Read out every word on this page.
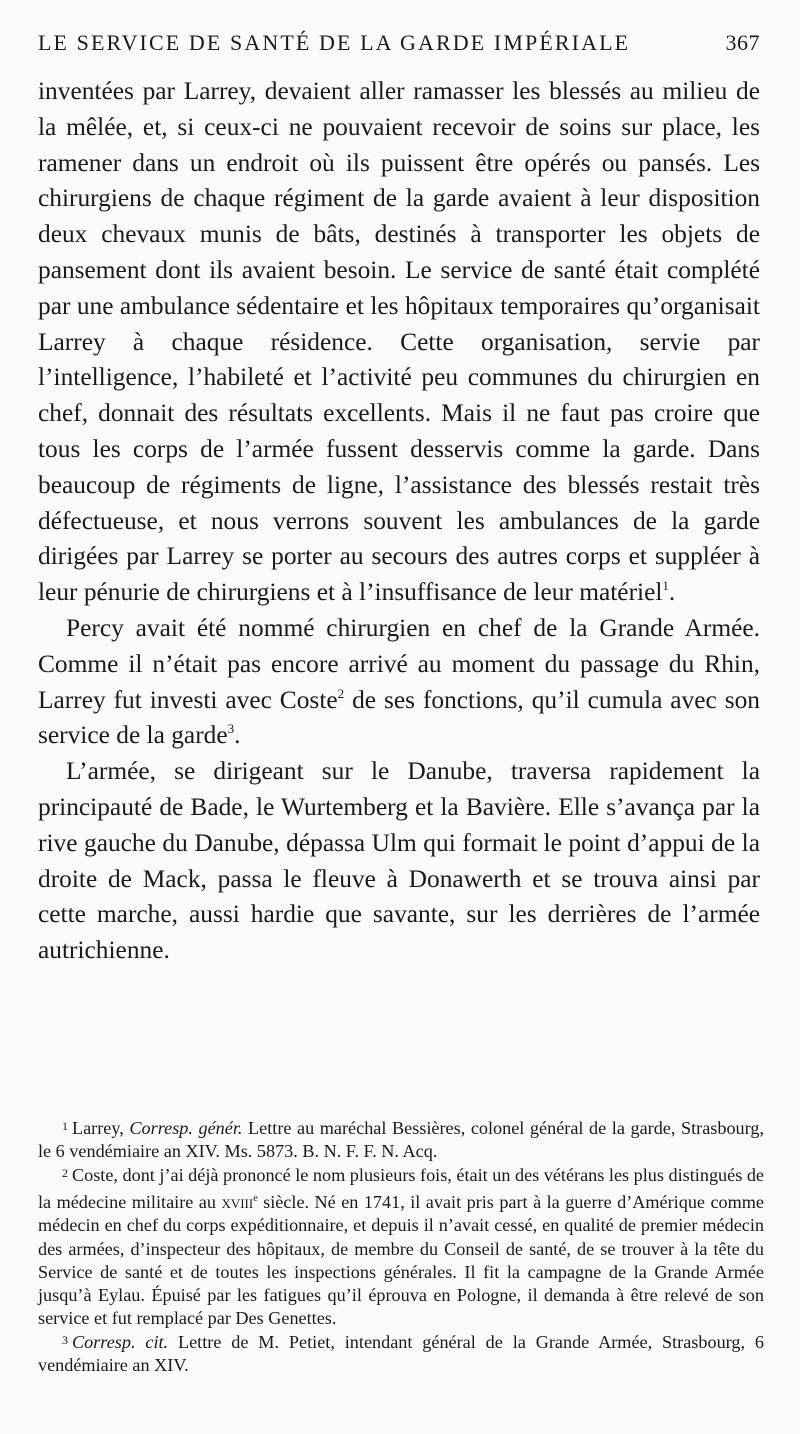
LE SERVICE DE SANTÉ DE LA GARDE IMPÉRIALE	367

inventées par Larrey, devaient aller ramasser les blessés au milieu de la mêlée, et, si ceux-ci ne pouvaient recevoir de soins sur place, les ramener dans un endroit où ils puissent être opérés ou pansés. Les chirurgiens de chaque régiment de la garde avaient à leur disposition deux chevaux munis de bâts, destinés à transporter les objets de pansement dont ils avaient besoin. Le service de santé était complété par une ambulance sédentaire et les hôpitaux temporaires qu’organisait Larrey à chaque résidence. Cette organisation, servie par l’intelligence, l’habileté et l’activité peu communes du chirurgien en chef, donnait des résultats excellents. Mais il ne faut pas croire que tous les corps de l’armée fussent desservis comme la garde. Dans beaucoup de régiments de ligne, l’assistance des blessés restait très défectueuse, et nous verrons souvent les ambulances de la garde dirigées par Larrey se porter au secours des autres corps et suppléer à leur pénurie de chirurgiens et à l’insuffisance de leur matériel$^1$.

Percy avait été nommé chirurgien en chef de la Grande Armée. Comme il n’était pas encore arrivé au moment du passage du Rhin, Larrey fut investi avec Coste$^2$ de ses fonctions, qu’il cumula avec son service de la garde$^3$.

L’armée, se dirigeant sur le Danube, traversa rapidement la principauté de Bade, le Wurtemberg et la Bavière. Elle s’avança par la rive gauche du Danube, dépassa Ulm qui formait le point d’appui de la droite de Mack, passa le fleuve à Donawerth et se trouva ainsi par cette marche, aussi hardie que savante, sur les derrières de l’armée autrichienne.

$^1$ Larrey, Corresp. génér. Lettre au maréchal Bessières, colonel général de la garde, Strasbourg, le 6 vendémiaire an XIV. Ms. 5873. B. N. F. F. N. Acq.

$^2$ Coste, dont j’ai déjà prononcé le nom plusieurs fois, était un des vétérans les plus distingués de la médecine militaire au xviii$^e$ siècle. Né en 1741, il avait pris part à la guerre d’Amérique comme médecin en chef du corps expéditionnaire, et depuis il n’avait cessé, en qualité de premier médecin des armées, d’inspecteur des hôpitaux, de membre du Conseil de santé, de se trouver à la tête du Service de santé et de toutes les inspections générales. Il fit la campagne de la Grande Armée jusqu’à Eylau. Épuisé par les fatigues qu’il éprouva en Pologne, il demanda à être relevé de son service et fut remplacé par Des Genettes.

$^3$ Corresp. cit. Lettre de M. Petiet, intendant général de la Grande Armée, Strasbourg, 6 vendémiaire an XIV.
